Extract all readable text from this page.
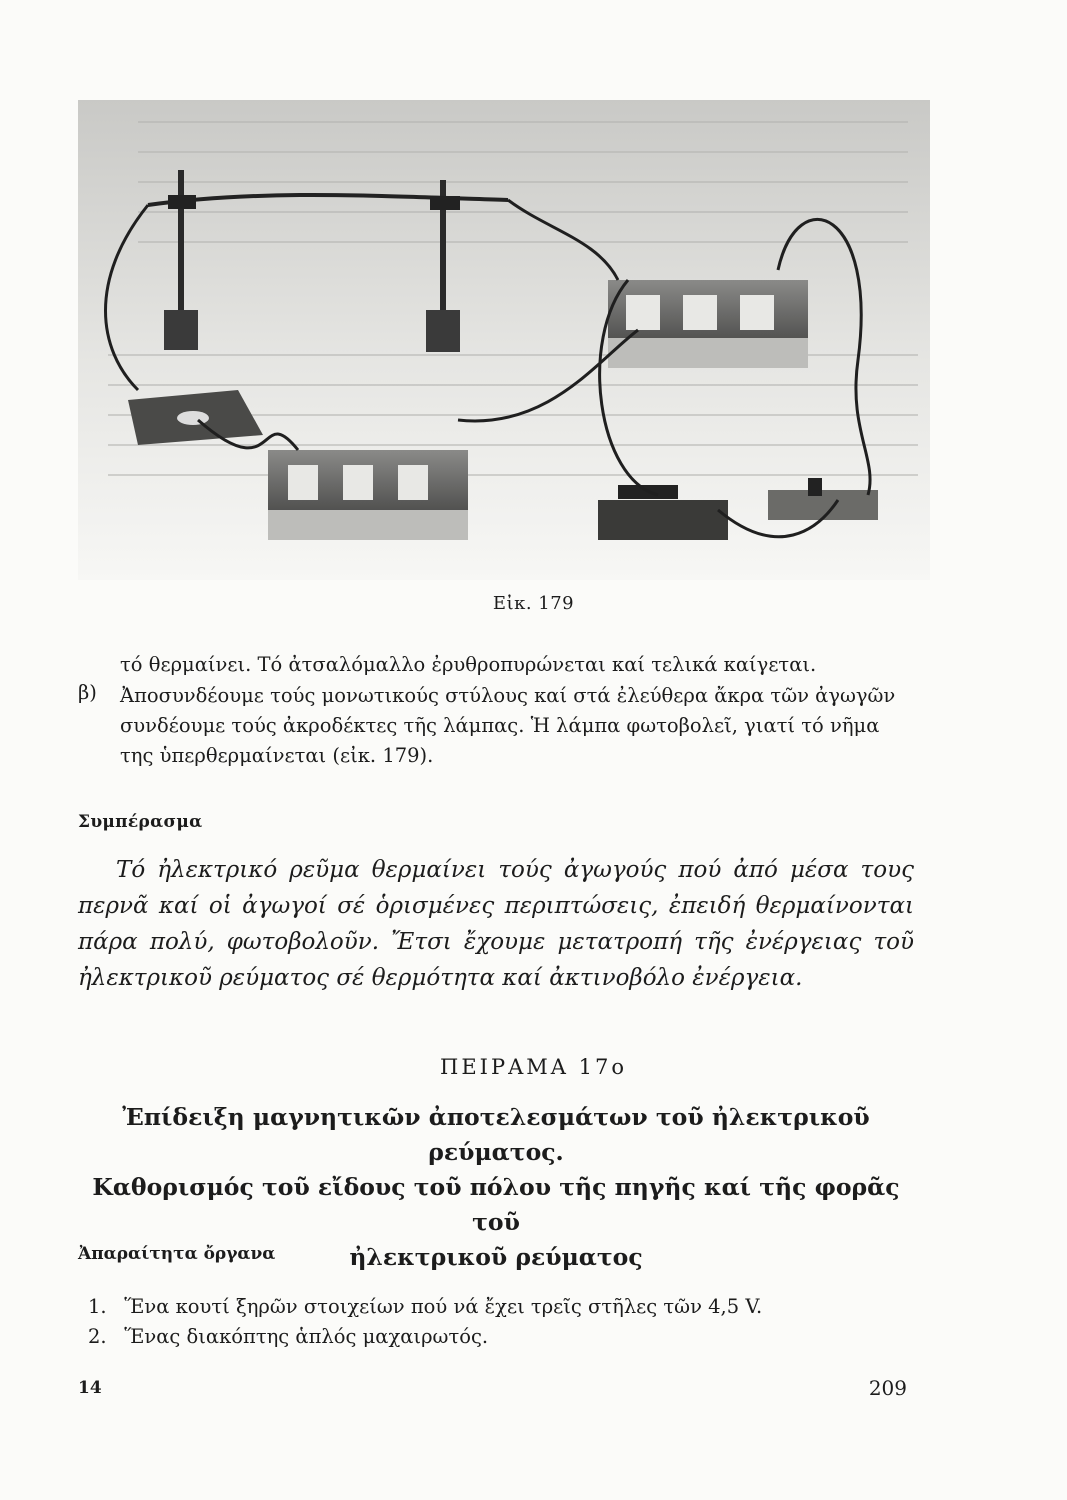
Εἰκ. 179
τό θερμαίνει. Τό ἀτσαλόμαλλο ἐρυθροπυρώνεται καί τελικά καίγεται.
β)	Ἀποσυνδέουμε τούς μονωτικούς στύλους καί στά ἐλεύθερα ἄκρα τῶν ἀγωγῶν
συνδέουμε τούς ἀκροδέκτες τῆς λάμπας. Ἡ λάμπα φωτοβολεῖ, γιατί τό νῆμα
της ὑπερθερμαίνεται (εἰκ. 179).
Συμπέρασμα
Τό ἠλεκτρικό ρεῦμα θερμαίνει τούς ἀγωγούς πού ἀπό μέσα τους
περνᾶ καί οἱ ἀγωγοί σέ ὁρισμένες περιπτώσεις, ἐπειδή θερμαίνονται
πάρα πολύ, φωτοβολοῦν. Ἔτσι ἔχουμε μετατροπή τῆς ἐνέργειας τοῦ
ἠλεκτρικοῦ ρεύματος σέ θερμότητα καί ἀκτινοβόλο ἐνέργεια.
ΠΕΙΡΑΜΑ 17ο
Ἐπίδειξη μαγνητικῶν ἀποτελεσμάτων τοῦ ἠλεκτρικοῦ ρεύματος.
Καθορισμός τοῦ εἴδους τοῦ πόλου τῆς πηγῆς καί τῆς φορᾶς τοῦ
ἠλεκτρικοῦ ρεύματος
Ἀπαραίτητα ὄργανα
1. Ἕνα κουτί ξηρῶν στοιχείων πού νά ἔχει τρεῖς στῆλες τῶν 4,5 V.
2. Ἕνας διακόπτης ἁπλός μαχαιρωτός.
14	209
